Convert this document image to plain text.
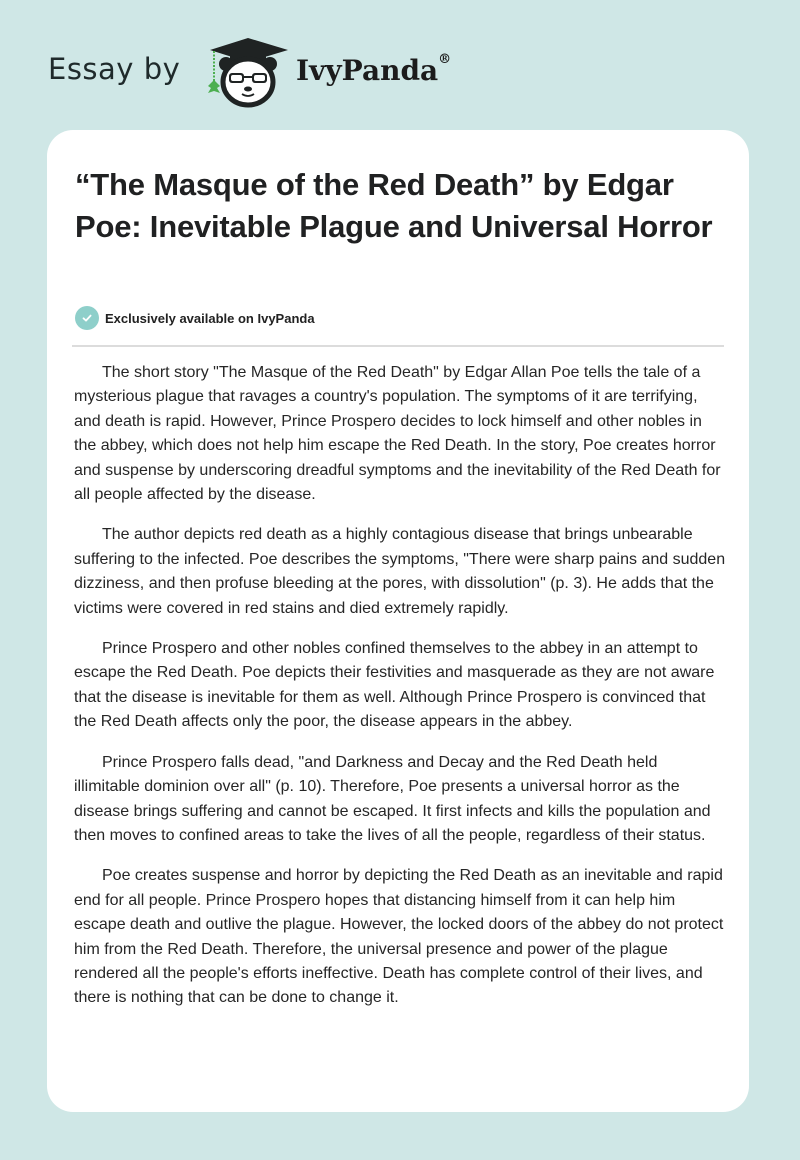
Essay by	IvyPanda®
“The Masque of the Red Death” by Edgar Poe: Inevitable Plague and Universal Horror
Exclusively available on IvyPanda

The short story "The Masque of the Red Death" by Edgar Allan Poe tells the tale of a mysterious plague that ravages a country's population. The symptoms of it are terrifying, and death is rapid. However, Prince Prospero decides to lock himself and other nobles in the abbey, which does not help him escape the Red Death. In the story, Poe creates horror and suspense by underscoring dreadful symptoms and the inevitability of the Red Death for all people affected by the disease.

The author depicts red death as a highly contagious disease that brings unbearable suffering to the infected. Poe describes the symptoms, "There were sharp pains and sudden dizziness, and then profuse bleeding at the pores, with dissolution" (p. 3). He adds that the victims were covered in red stains and died extremely rapidly.

Prince Prospero and other nobles confined themselves to the abbey in an attempt to escape the Red Death. Poe depicts their festivities and masquerade as they are not aware that the disease is inevitable for them as well. Although Prince Prospero is convinced that the Red Death affects only the poor, the disease appears in the abbey.

Prince Prospero falls dead, "and Darkness and Decay and the Red Death held illimitable dominion over all" (p. 10). Therefore, Poe presents a universal horror as the disease brings suffering and cannot be escaped. It first infects and kills the population and then moves to confined areas to take the lives of all the people, regardless of their status.

Poe creates suspense and horror by depicting the Red Death as an inevitable and rapid end for all people. Prince Prospero hopes that distancing himself from it can help him escape death and outlive the plague. However, the locked doors of the abbey do not protect him from the Red Death. Therefore, the universal presence and power of the plague rendered all the people's efforts ineffective. Death has complete control of their lives, and there is nothing that can be done to change it.
